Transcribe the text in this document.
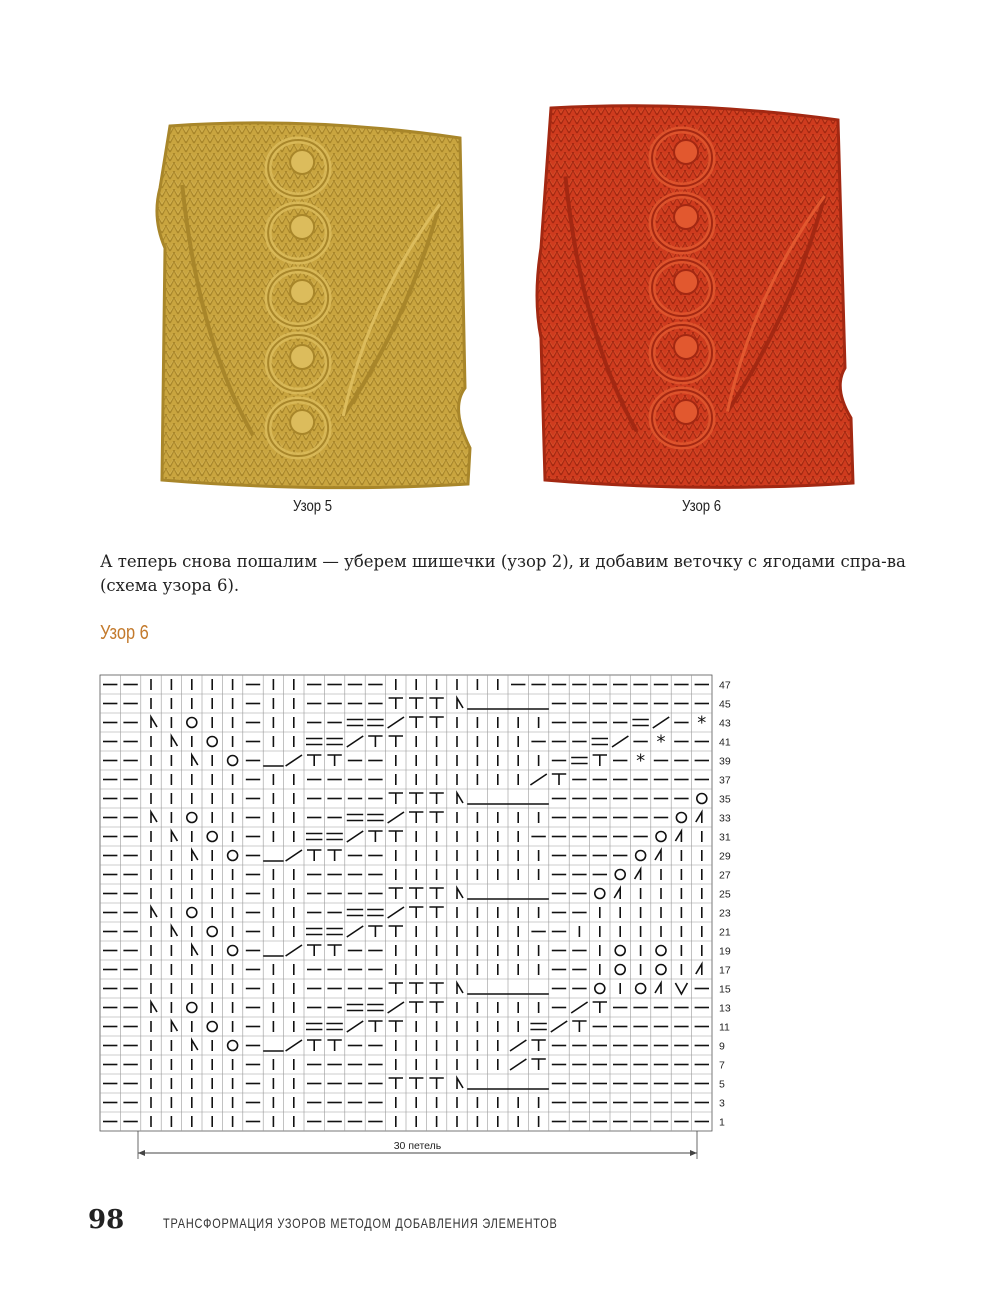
Узор 5	Узор 6

А теперь снова пошалим — уберем шишечки (узор 2), и добавим веточку с ягодами спра-ва (схема узора 6).

Узор 6
*
*
*
47
45
43
41
39
37
35
33
31
29
27
25
23
21
19
17
15
13
11
9
7
5
3
1
30 петель
98	ТРАНСФОРМАЦИЯ УЗОРОВ МЕТОДОМ ДОБАВЛЕНИЯ ЭЛЕМЕНТОВ
